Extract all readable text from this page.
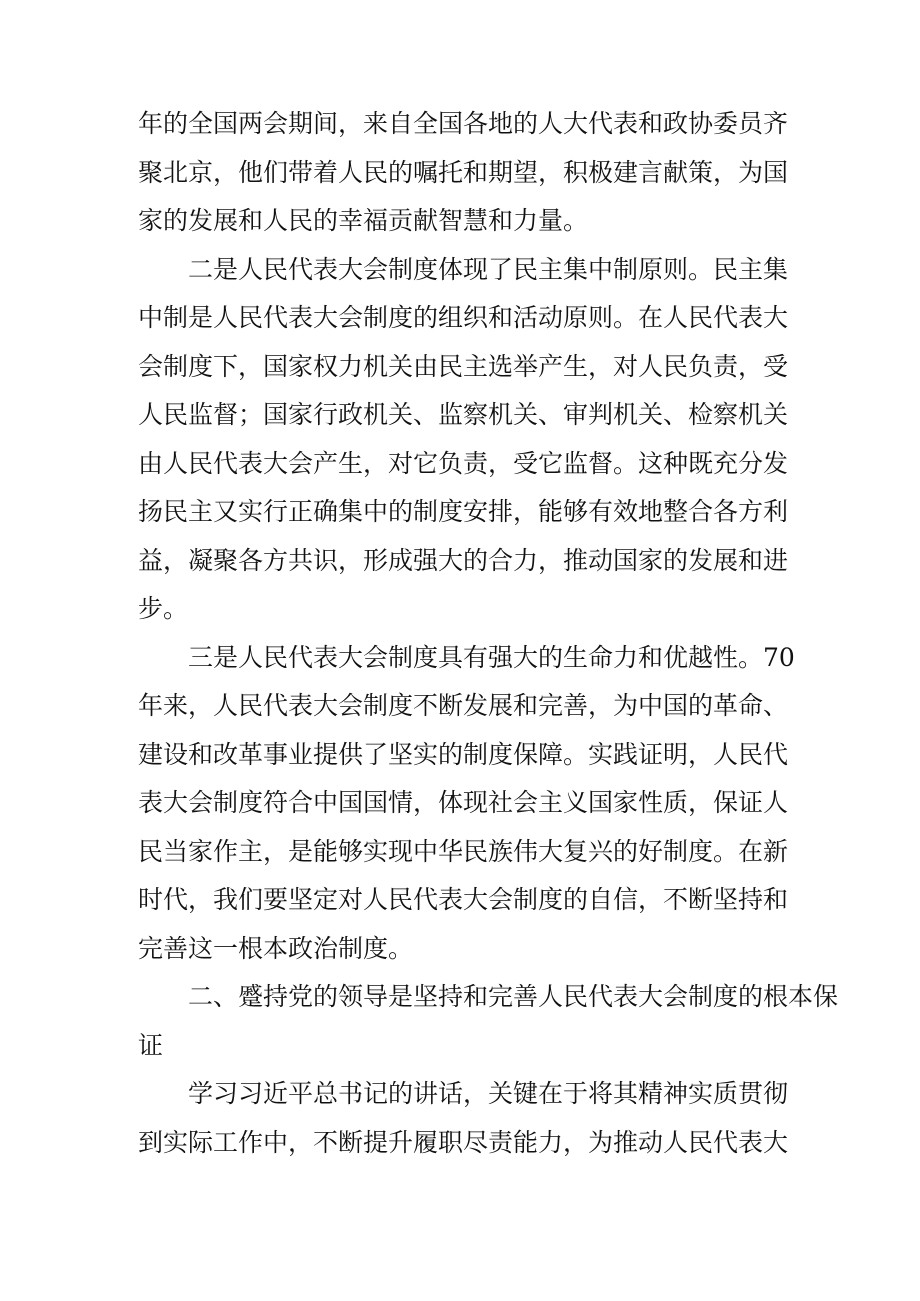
年的全国两会期间，来自全国各地的人大代表和政协委员齐
聚北京，他们带着人民的嘱托和期望，积极建言献策，为国
家的发展和人民的幸福贡献智慧和力量。
二是人民代表大会制度体现了民主集中制原则。民主集
中制是人民代表大会制度的组织和活动原则。在人民代表大
会制度下，国家权力机关由民主选举产生，对人民负责，受
人民监督；国家行政机关、监察机关、审判机关、检察机关
由人民代表大会产生，对它负责，受它监督。这种既充分发
扬民主又实行正确集中的制度安排，能够有效地整合各方利
益，凝聚各方共识，形成强大的合力，推动国家的发展和进
步。
三是人民代表大会制度具有强大的生命力和优越性。70
年来，人民代表大会制度不断发展和完善，为中国的革命、
建设和改革事业提供了坚实的制度保障。实践证明，人民代
表大会制度符合中国国情，体现社会主义国家性质，保证人
民当家作主，是能够实现中华民族伟大复兴的好制度。在新
时代，我们要坚定对人民代表大会制度的自信，不断坚持和
完善这一根本政治制度。
二、蹙持党的领导是坚持和完善人民代表大会制度的根本保
证
学习习近平总书记的讲话，关键在于将其精神实质贯彻
到实际工作中，不断提升履职尽责能力，为推动人民代表大
